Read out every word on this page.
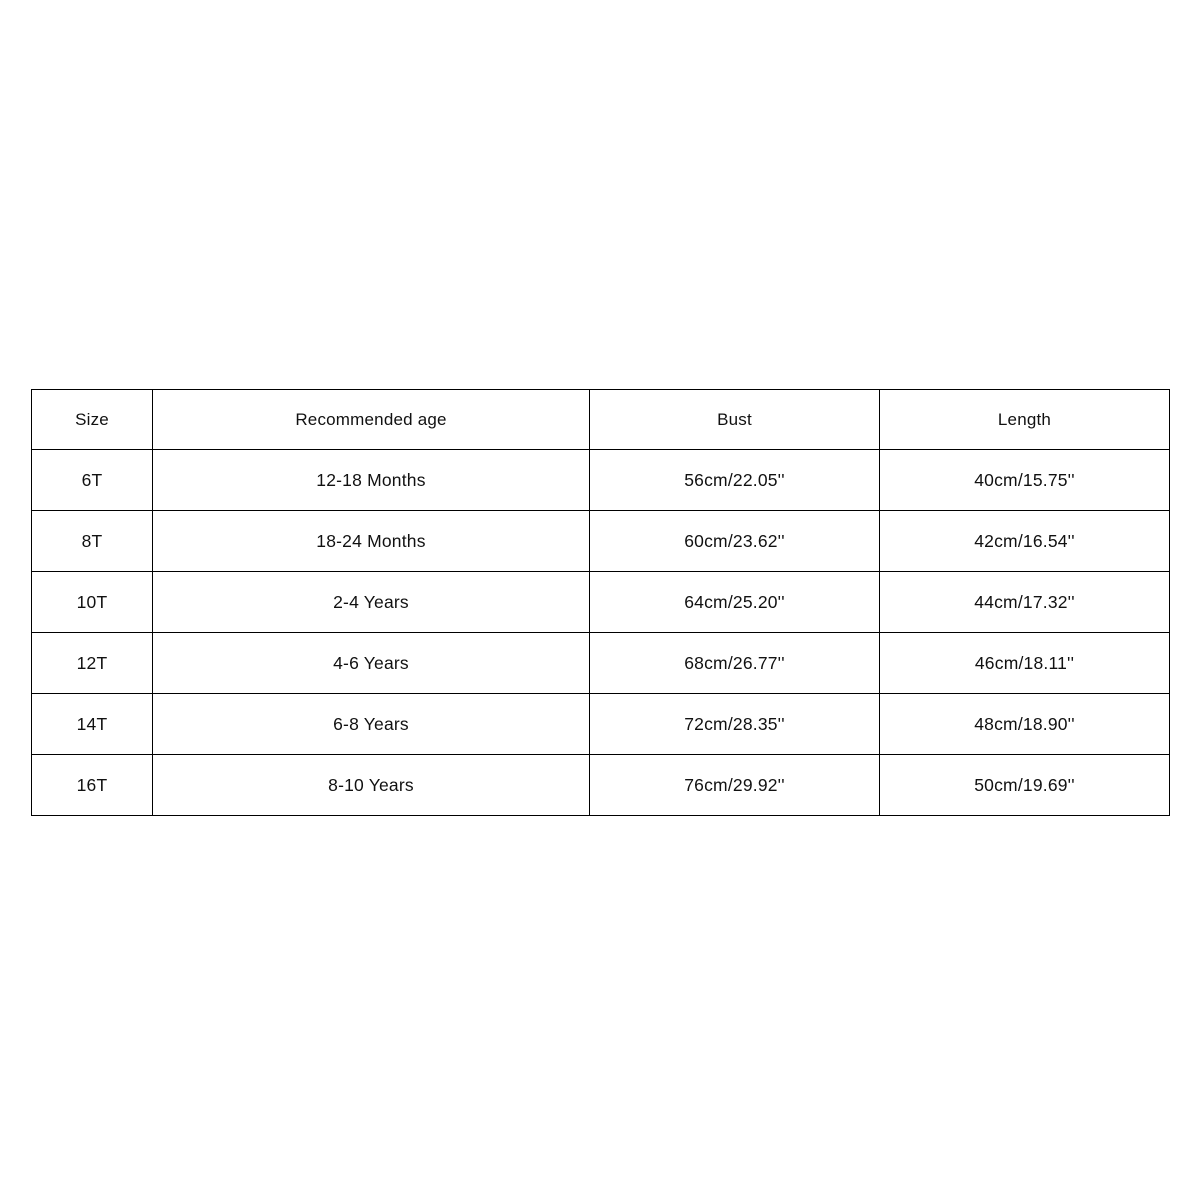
Size	Recommended age	Bust	Length
6T	12-18 Months	56cm/22.05''	40cm/15.75''
8T	18-24 Months	60cm/23.62''	42cm/16.54''
10T	2-4 Years	64cm/25.20''	44cm/17.32''
12T	4-6 Years	68cm/26.77''	46cm/18.11''
14T	6-8 Years	72cm/28.35''	48cm/18.90''
16T	8-10 Years	76cm/29.92''	50cm/19.69''
